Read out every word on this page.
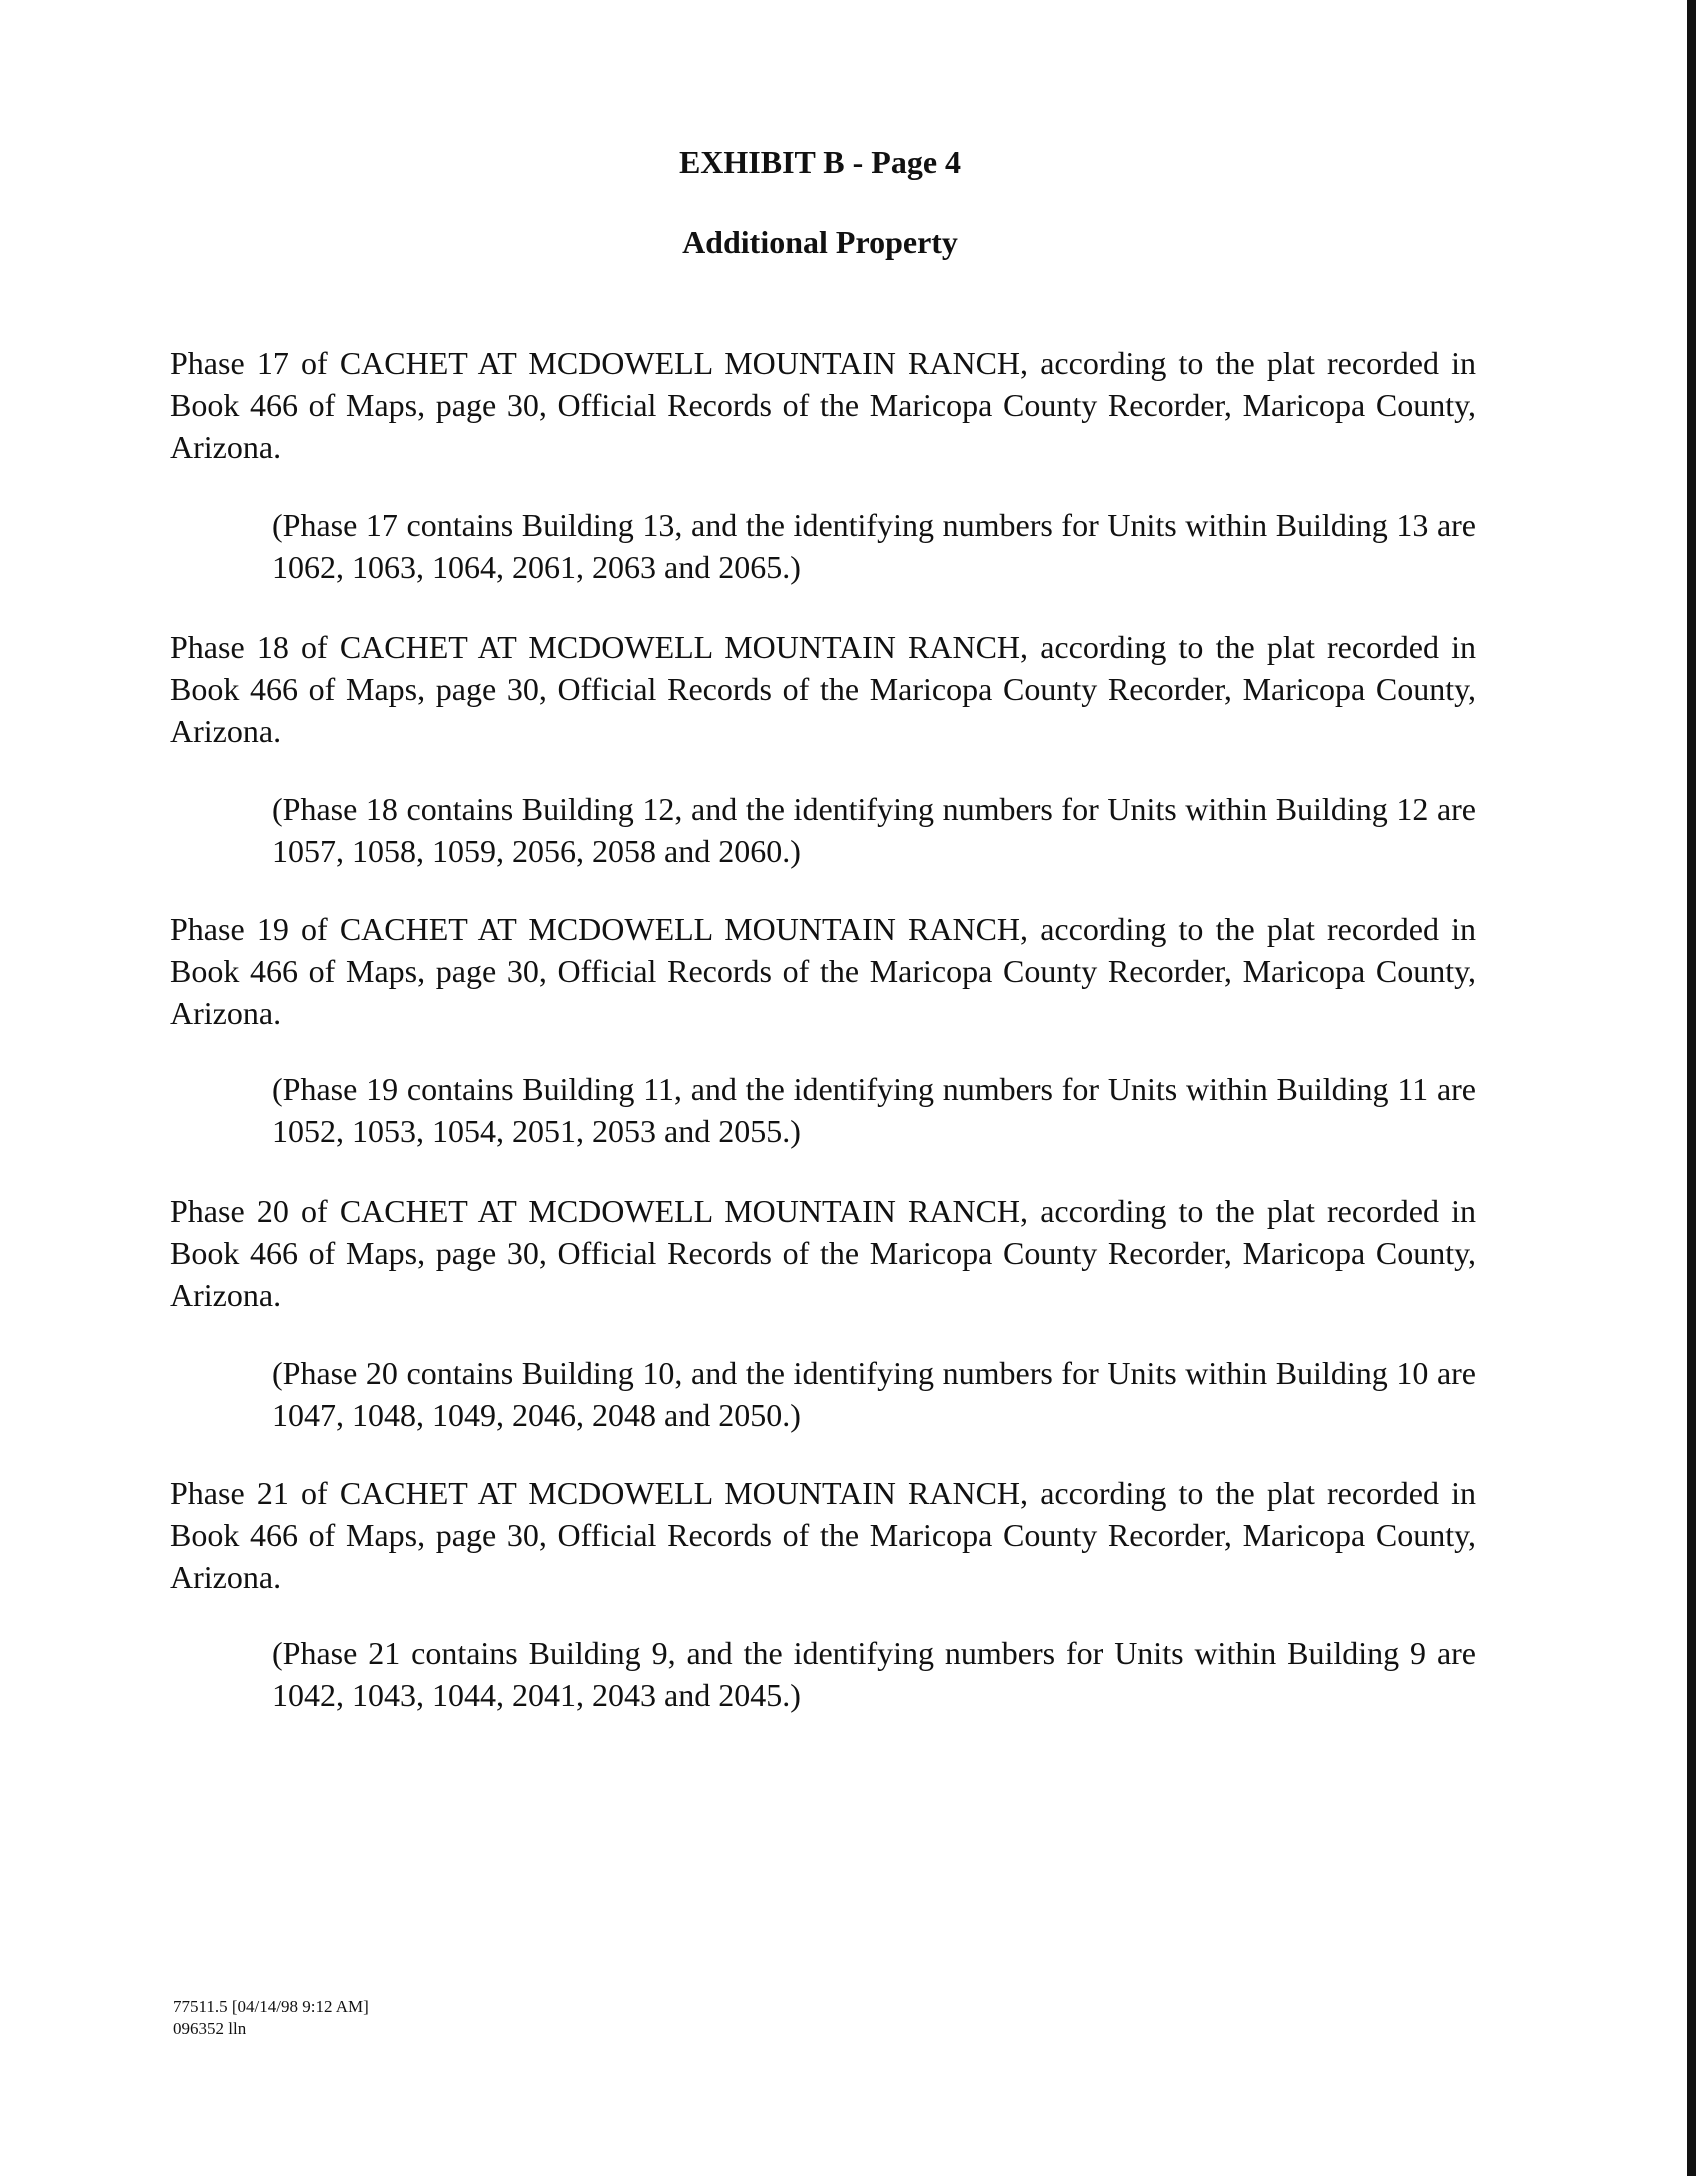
EXHIBIT B - Page 4
Additional Property

Phase 17 of CACHET AT MCDOWELL MOUNTAIN RANCH, according to the plat recorded in Book 466 of Maps, page 30, Official Records of the Maricopa County Recorder, Maricopa County, Arizona.

(Phase 17 contains Building 13, and the identifying numbers for Units within Building 13 are 1062, 1063, 1064, 2061, 2063 and 2065.)

Phase 18 of CACHET AT MCDOWELL MOUNTAIN RANCH, according to the plat recorded in Book 466 of Maps, page 30, Official Records of the Maricopa County Recorder, Maricopa County, Arizona.

(Phase 18 contains Building 12, and the identifying numbers for Units within Building 12 are 1057, 1058, 1059, 2056, 2058 and 2060.)

Phase 19 of CACHET AT MCDOWELL MOUNTAIN RANCH, according to the plat recorded in Book 466 of Maps, page 30, Official Records of the Maricopa County Recorder, Maricopa County, Arizona.

(Phase 19 contains Building 11, and the identifying numbers for Units within Building 11 are 1052, 1053, 1054, 2051, 2053 and 2055.)

Phase 20 of CACHET AT MCDOWELL MOUNTAIN RANCH, according to the plat recorded in Book 466 of Maps, page 30, Official Records of the Maricopa County Recorder, Maricopa County, Arizona.

(Phase 20 contains Building 10, and the identifying numbers for Units within Building 10 are 1047, 1048, 1049, 2046, 2048 and 2050.)

Phase 21 of CACHET AT MCDOWELL MOUNTAIN RANCH, according to the plat recorded in Book 466 of Maps, page 30, Official Records of the Maricopa County Recorder, Maricopa County, Arizona.

(Phase 21 contains Building 9, and the identifying numbers for Units within Building 9 are 1042, 1043, 1044, 2041, 2043 and 2045.)

77511.5 [04/14/98 9:12 AM]
096352 lln
